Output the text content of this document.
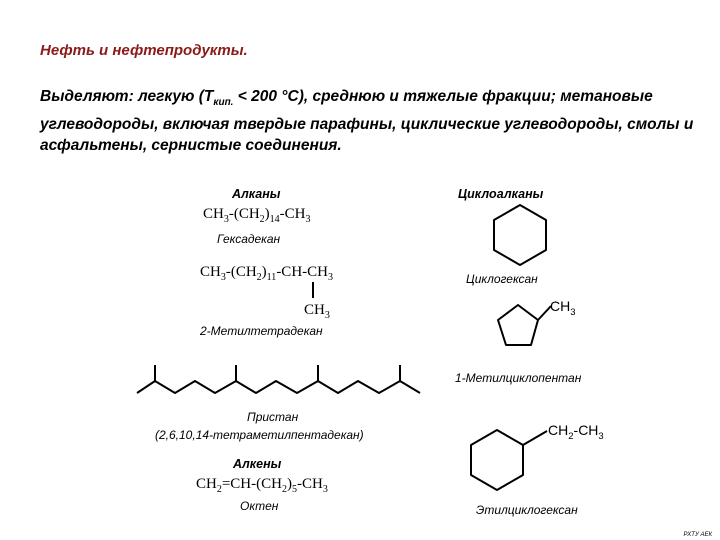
Нефть и нефтепродукты.
Выделяют: легкую ($Т_{кип.} < 200$ °С), среднюю и тяжелые фракции; метановые углеводороды, включая твердые парафины, циклические углеводороды, смолы и асфальтены, сернистые соединения.
Алканы	Циклоалканы
Алкены
$CH_3-(CH_2)_{14}-CH_3$
Гексадекан
$CH_3-(CH_2)_{11}-CH-CH_3$
$CH_3$
2-Метилтетрадекан
Пристан
(2,6,10,14-тетраметилпентадекан)
$CH_2=CH-(CH_2)_5-CH_3$
Октен
Циклогексан
$CH_3$
1-Метилциклопентан
$CH_2-CH_3$
Этилциклогексан
РХТУ АЕК
